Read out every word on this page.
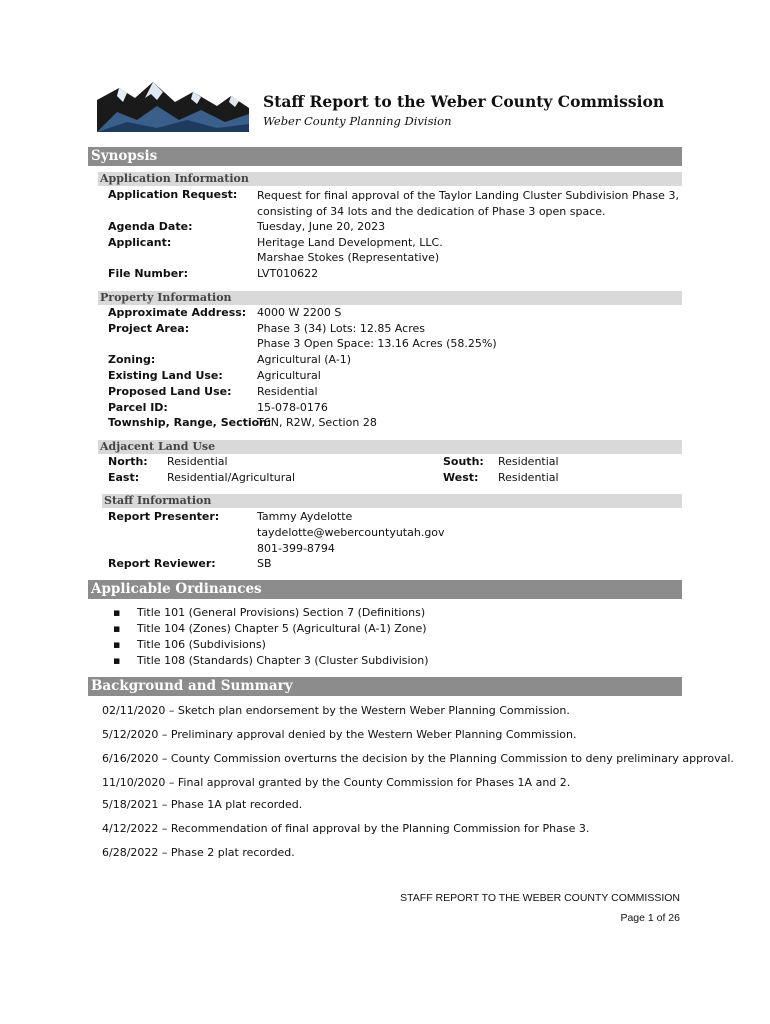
Staff Report to the Weber County Commission
Weber County Planning Division
Synopsis
Application Information
Application Request: Request for final approval of the Taylor Landing Cluster Subdivision Phase 3, consisting of 34 lots and the dedication of Phase 3 open space.
Agenda Date:	Tuesday, June 20, 2023
Applicant:	Heritage Land Development, LLC.
Marshae Stokes (Representative)
File Number:	LVT010622
Property Information
Approximate Address: 4000 W 2200 S
Project Area:	Phase 3 (34) Lots: 12.85 Acres
Phase 3 Open Space: 13.16 Acres (58.25%)
Zoning:	Agricultural (A-1)
Existing Land Use:	Agricultural
Proposed Land Use: Residential
Parcel ID:	15-078-0176
Township, Range, Section:
T6N, R2W, Section 28
Adjacent Land Use
North: Residential	South: Residential
East:	Residential/Agricultural	West: Residential
Staff Information
Report Presenter:	Tammy Aydelotte
taydelotte@webercountyutah.gov
801-399-8794
Report Reviewer:	SB
Applicable Ordinances
▪ Title 101 (General Provisions) Section 7 (Definitions)
▪ Title 104 (Zones) Chapter 5 (Agricultural (A-1) Zone)
▪ Title 106 (Subdivisions)
▪ Title 108 (Standards) Chapter 3 (Cluster Subdivision)
Background and Summary
02/11/2020 – Sketch plan endorsement by the Western Weber Planning Commission.
5/12/2020 – Preliminary approval denied by the Western Weber Planning Commission.
6/16/2020 – County Commission overturns the decision by the Planning Commission to deny preliminary approval.
11/10/2020 – Final approval granted by the County Commission for Phases 1A and 2.
5/18/2021 – Phase 1A plat recorded.
4/12/2022 – Recommendation of final approval by the Planning Commission for Phase 3.
6/28/2022 – Phase 2 plat recorded.
STAFF REPORT TO THE WEBER COUNTY COMMISSION
Page 1 of 26
